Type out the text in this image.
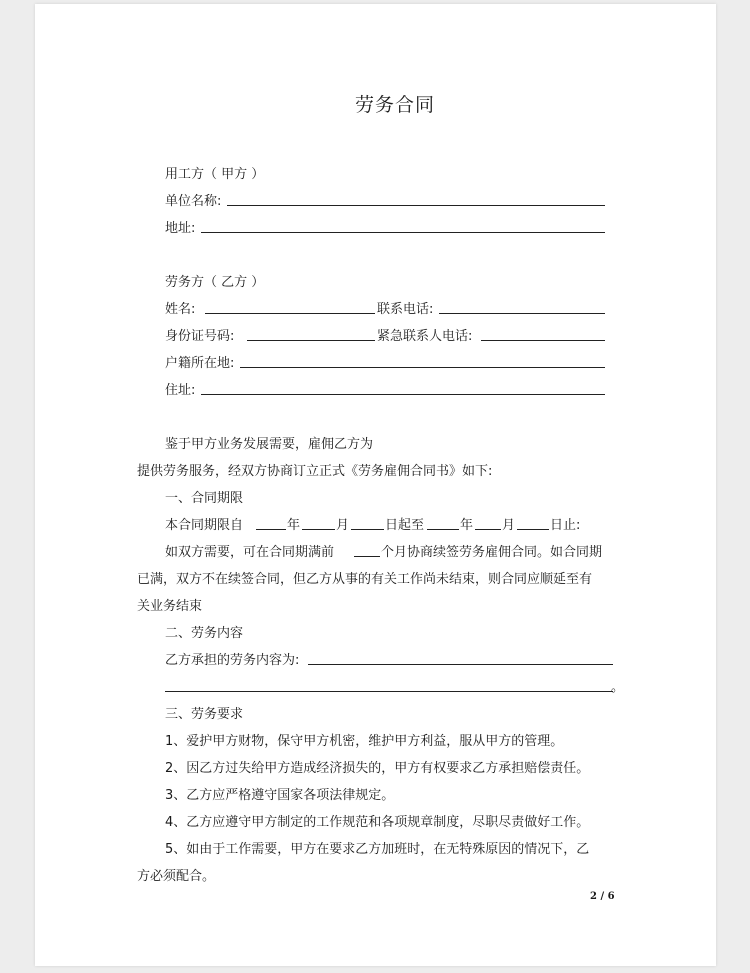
劳务合同
用工方（ 甲方 ）
单位名称:
地址:
劳务方（ 乙方 ）
姓名:	联系电话:
身份证号码:	紧急联系人电话:
户籍所在地:
住址:
鉴于甲方业务发展需要，雇佣乙方为
提供劳务服务，经双方协商订立正式《劳务雇佣合同书》如下:
一、合同期限
本合同期限自	年	月	日起至	年 月	日止:
如双方需要，可在合同期满前	个月协商续签劳务雇佣合同。如合同期
已满，双方不在续签合同，但乙方从事的有关工作尚未结束，则合同应顺延至有
关业务结束
二、劳务内容
乙方承担的劳务内容为:
。
三、劳务要求
1、爱护甲方财物，保守甲方机密，维护甲方利益，服从甲方的管理。
2、因乙方过失给甲方造成经济损失的，甲方有权要求乙方承担赔偿责任。
3、乙方应严格遵守国家各项法律规定。
4、乙方应遵守甲方制定的工作规范和各项规章制度，尽职尽责做好工作。
5、如由于工作需要，甲方在要求乙方加班时，在无特殊原因的情况下，乙
方必须配合。
2 / 6
